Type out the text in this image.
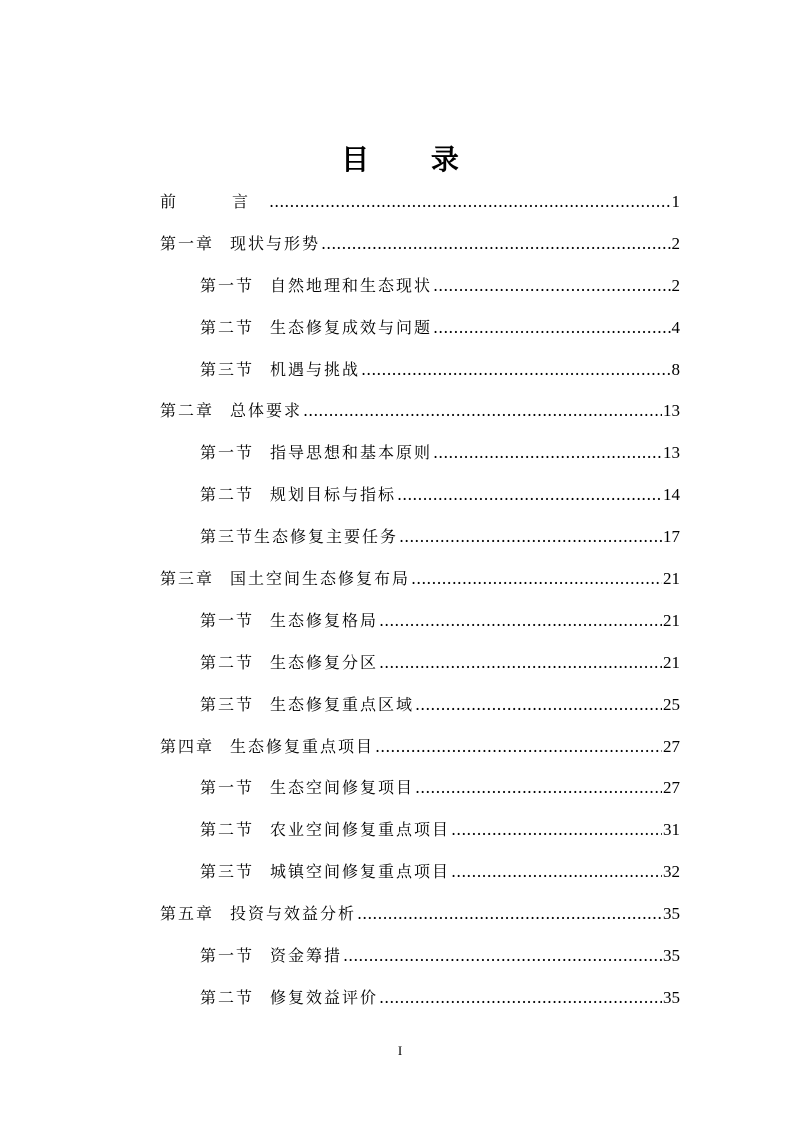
目 录
前　言 .....	1
第一章 现状与形势 .....	2
第一节 自然地理和生态现状 .....	2
第二节 生态修复成效与问题 .....	4
第三节 机遇与挑战 .....	8
第二章 总体要求 .....	13
第一节 指导思想和基本原则 .....	13
第二节 规划目标与指标 .....	14
第三节生态修复主要任务 .....	17
第三章 国土空间生态修复布局 .....	21
第一节 生态修复格局 .....	21
第二节 生态修复分区 .....	21
第三节 生态修复重点区域 .....	25
第四章 生态修复重点项目 .....	27
第一节 生态空间修复项目 .....	27
第二节 农业空间修复重点项目 .....	31
第三节 城镇空间修复重点项目 .....	32
第五章 投资与效益分析 .....	35
第一节 资金筹措 .....	35
第二节 修复效益评价 .....	35
I
